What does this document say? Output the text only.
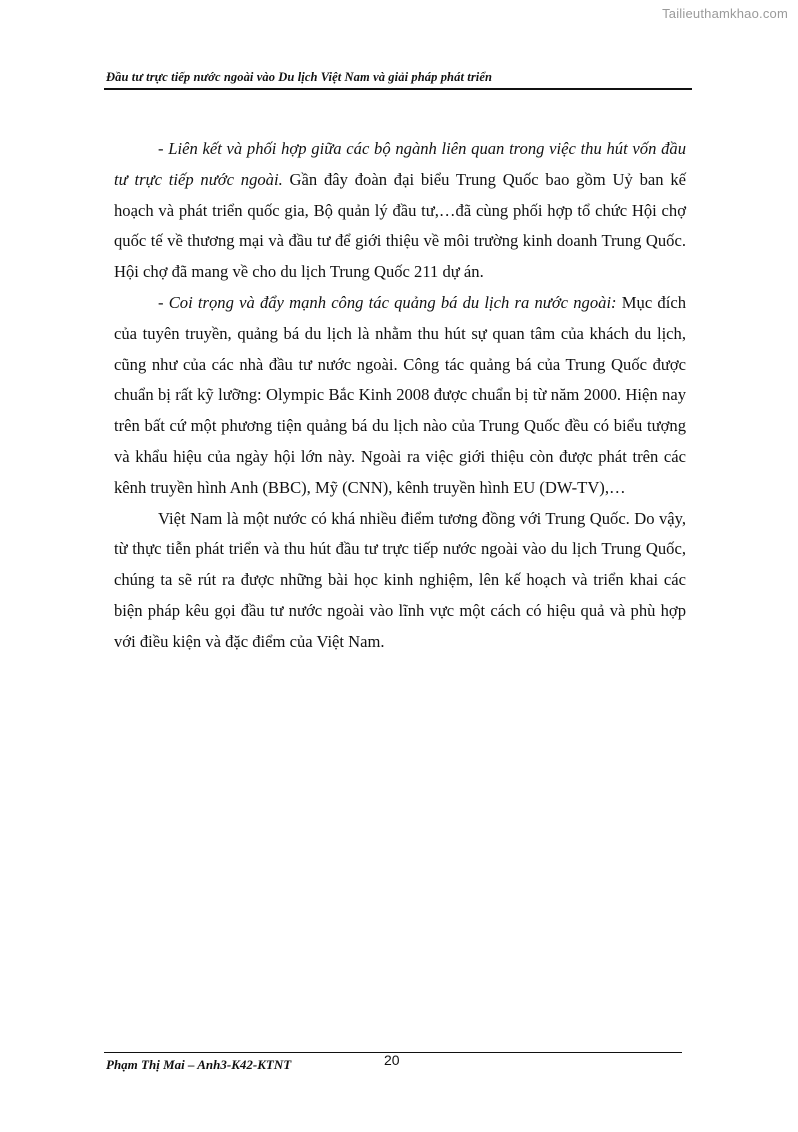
Tailieuthamkhao.com
Đầu tư trực tiếp nước ngoài vào Du lịch Việt Nam và giải pháp phát triển

- Liên kết và phối hợp giữa các bộ ngành liên quan trong việc thu hút vốn đầu tư trực tiếp nước ngoài. Gần đây đoàn đại biểu Trung Quốc bao gồm Uỷ ban kế hoạch và phát triển quốc gia, Bộ quản lý đầu tư,…đã cùng phối hợp tổ chức Hội chợ quốc tế về thương mại và đầu tư để giới thiệu về môi trường kinh doanh Trung Quốc. Hội chợ đã mang về cho du lịch Trung Quốc 211 dự án.

- Coi trọng và đẩy mạnh công tác quảng bá du lịch ra nước ngoài: Mục đích của tuyên truyền, quảng bá du lịch là nhằm thu hút sự quan tâm của khách du lịch, cũng như của các nhà đầu tư nước ngoài. Công tác quảng bá của Trung Quốc được chuẩn bị rất kỹ lưỡng: Olympic Bắc Kinh 2008 được chuẩn bị từ năm 2000. Hiện nay trên bất cứ một phương tiện quảng bá du lịch nào của Trung Quốc đều có biểu tượng và khẩu hiệu của ngày hội lớn này. Ngoài ra việc giới thiệu còn được phát trên các kênh truyền hình Anh (BBC), Mỹ (CNN), kênh truyền hình EU (DW-TV),…

Việt Nam là một nước có khá nhiều điểm tương đồng với Trung Quốc. Do vậy, từ thực tiễn phát triển và thu hút đầu tư trực tiếp nước ngoài vào du lịch Trung Quốc, chúng ta sẽ rút ra được những bài học kinh nghiệm, lên kế hoạch và triển khai các biện pháp kêu gọi đầu tư nước ngoài vào lĩnh vực một cách có hiệu quả và phù hợp với điều kiện và đặc điểm của Việt Nam.

Phạm Thị Mai – Anh3-K42-KTNT	20
